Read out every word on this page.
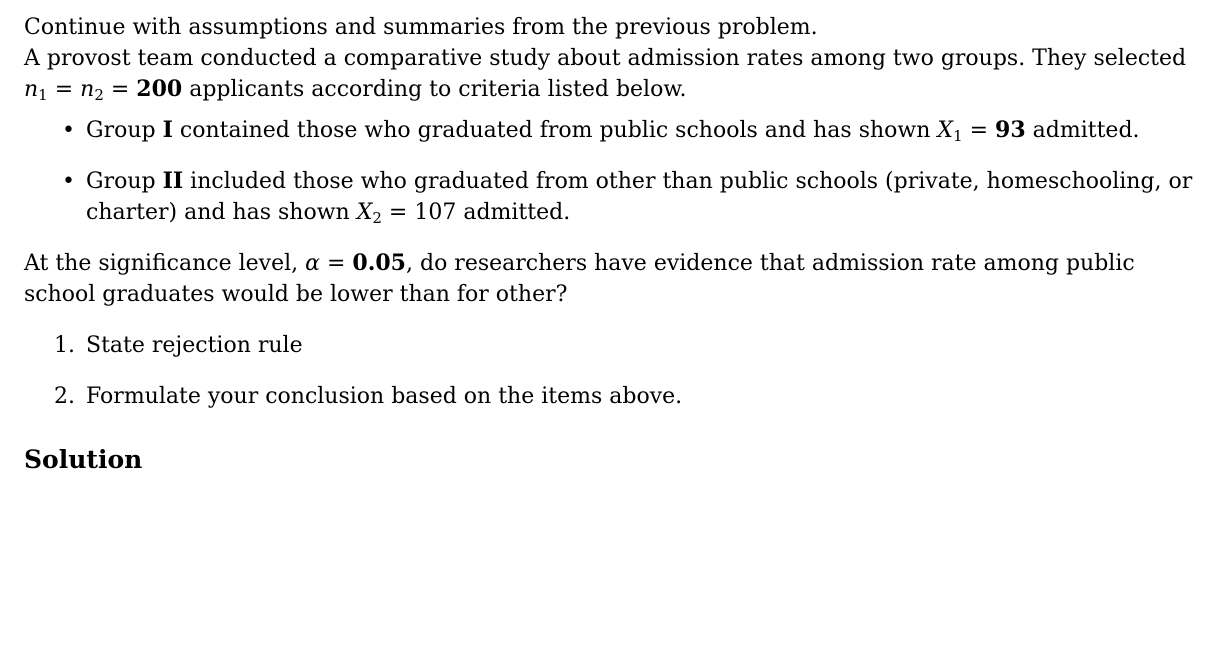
Continue with assumptions and summaries from the previous problem.
A provost team conducted a comparative study about admission rates among two groups. They selected
$n_1 = n_2 = 200$ applicants according to criteria listed below.

• Group I contained those who graduated from public schools and has shown $X_1 = 93$ admitted.
• Group II included those who graduated from other than public schools (private, homeschooling, or charter) and has shown $X_2 = 107$ admitted.

At the significance level, α = 0.05, do researchers have evidence that admission rate among public school graduates would be lower than for other?

1. State rejection rule
2. Formulate your conclusion based on the items above.
Solution
